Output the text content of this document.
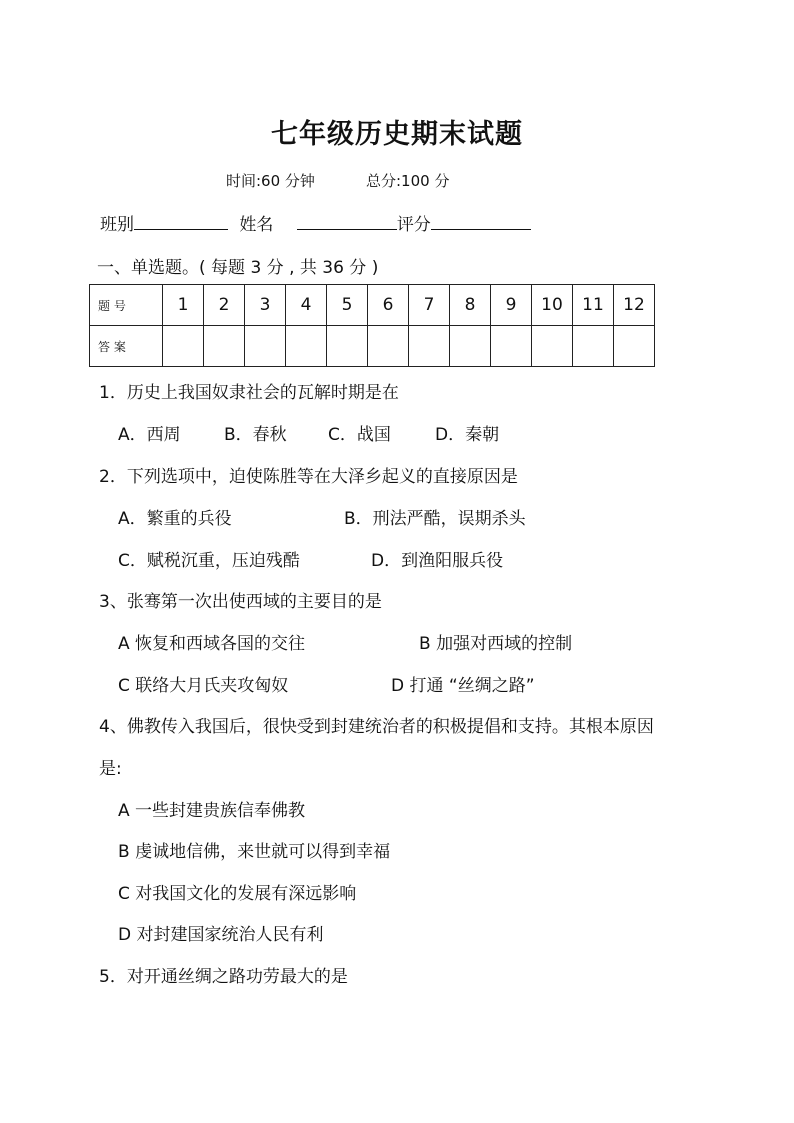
七年级历史期末试题
时间:60 分钟	总分:100 分
班别	姓名	评分
一、单选题。( 每题 3 分 , 共 36 分 )
题 号	1	2	3	4	5	6	7	8	9	10	11	12
答 案												
1．历史上我国奴隶社会的瓦解时期是在
A．西周	B．春秋 C．战国	D．秦朝
2．下列选项中，迫使陈胜等在大泽乡起义的直接原因是
A．繁重的兵役	B．刑法严酷，误期杀头
C．赋税沉重，压迫残酷	D．到渔阳服兵役
3、张骞第一次出使西域的主要目的是
A 恢复和西域各国的交往	B 加强对西域的控制
C 联络大月氏夹攻匈奴	D 打通 “丝绸之路”
4、佛教传入我国后，很快受到封建统治者的积极提倡和支持。其根本原因
是:
A 一些封建贵族信奉佛教
B 虔诚地信佛，来世就可以得到幸福
C 对我国文化的发展有深远影响
D 对封建国家统治人民有利
5．对开通丝绸之路功劳最大的是
